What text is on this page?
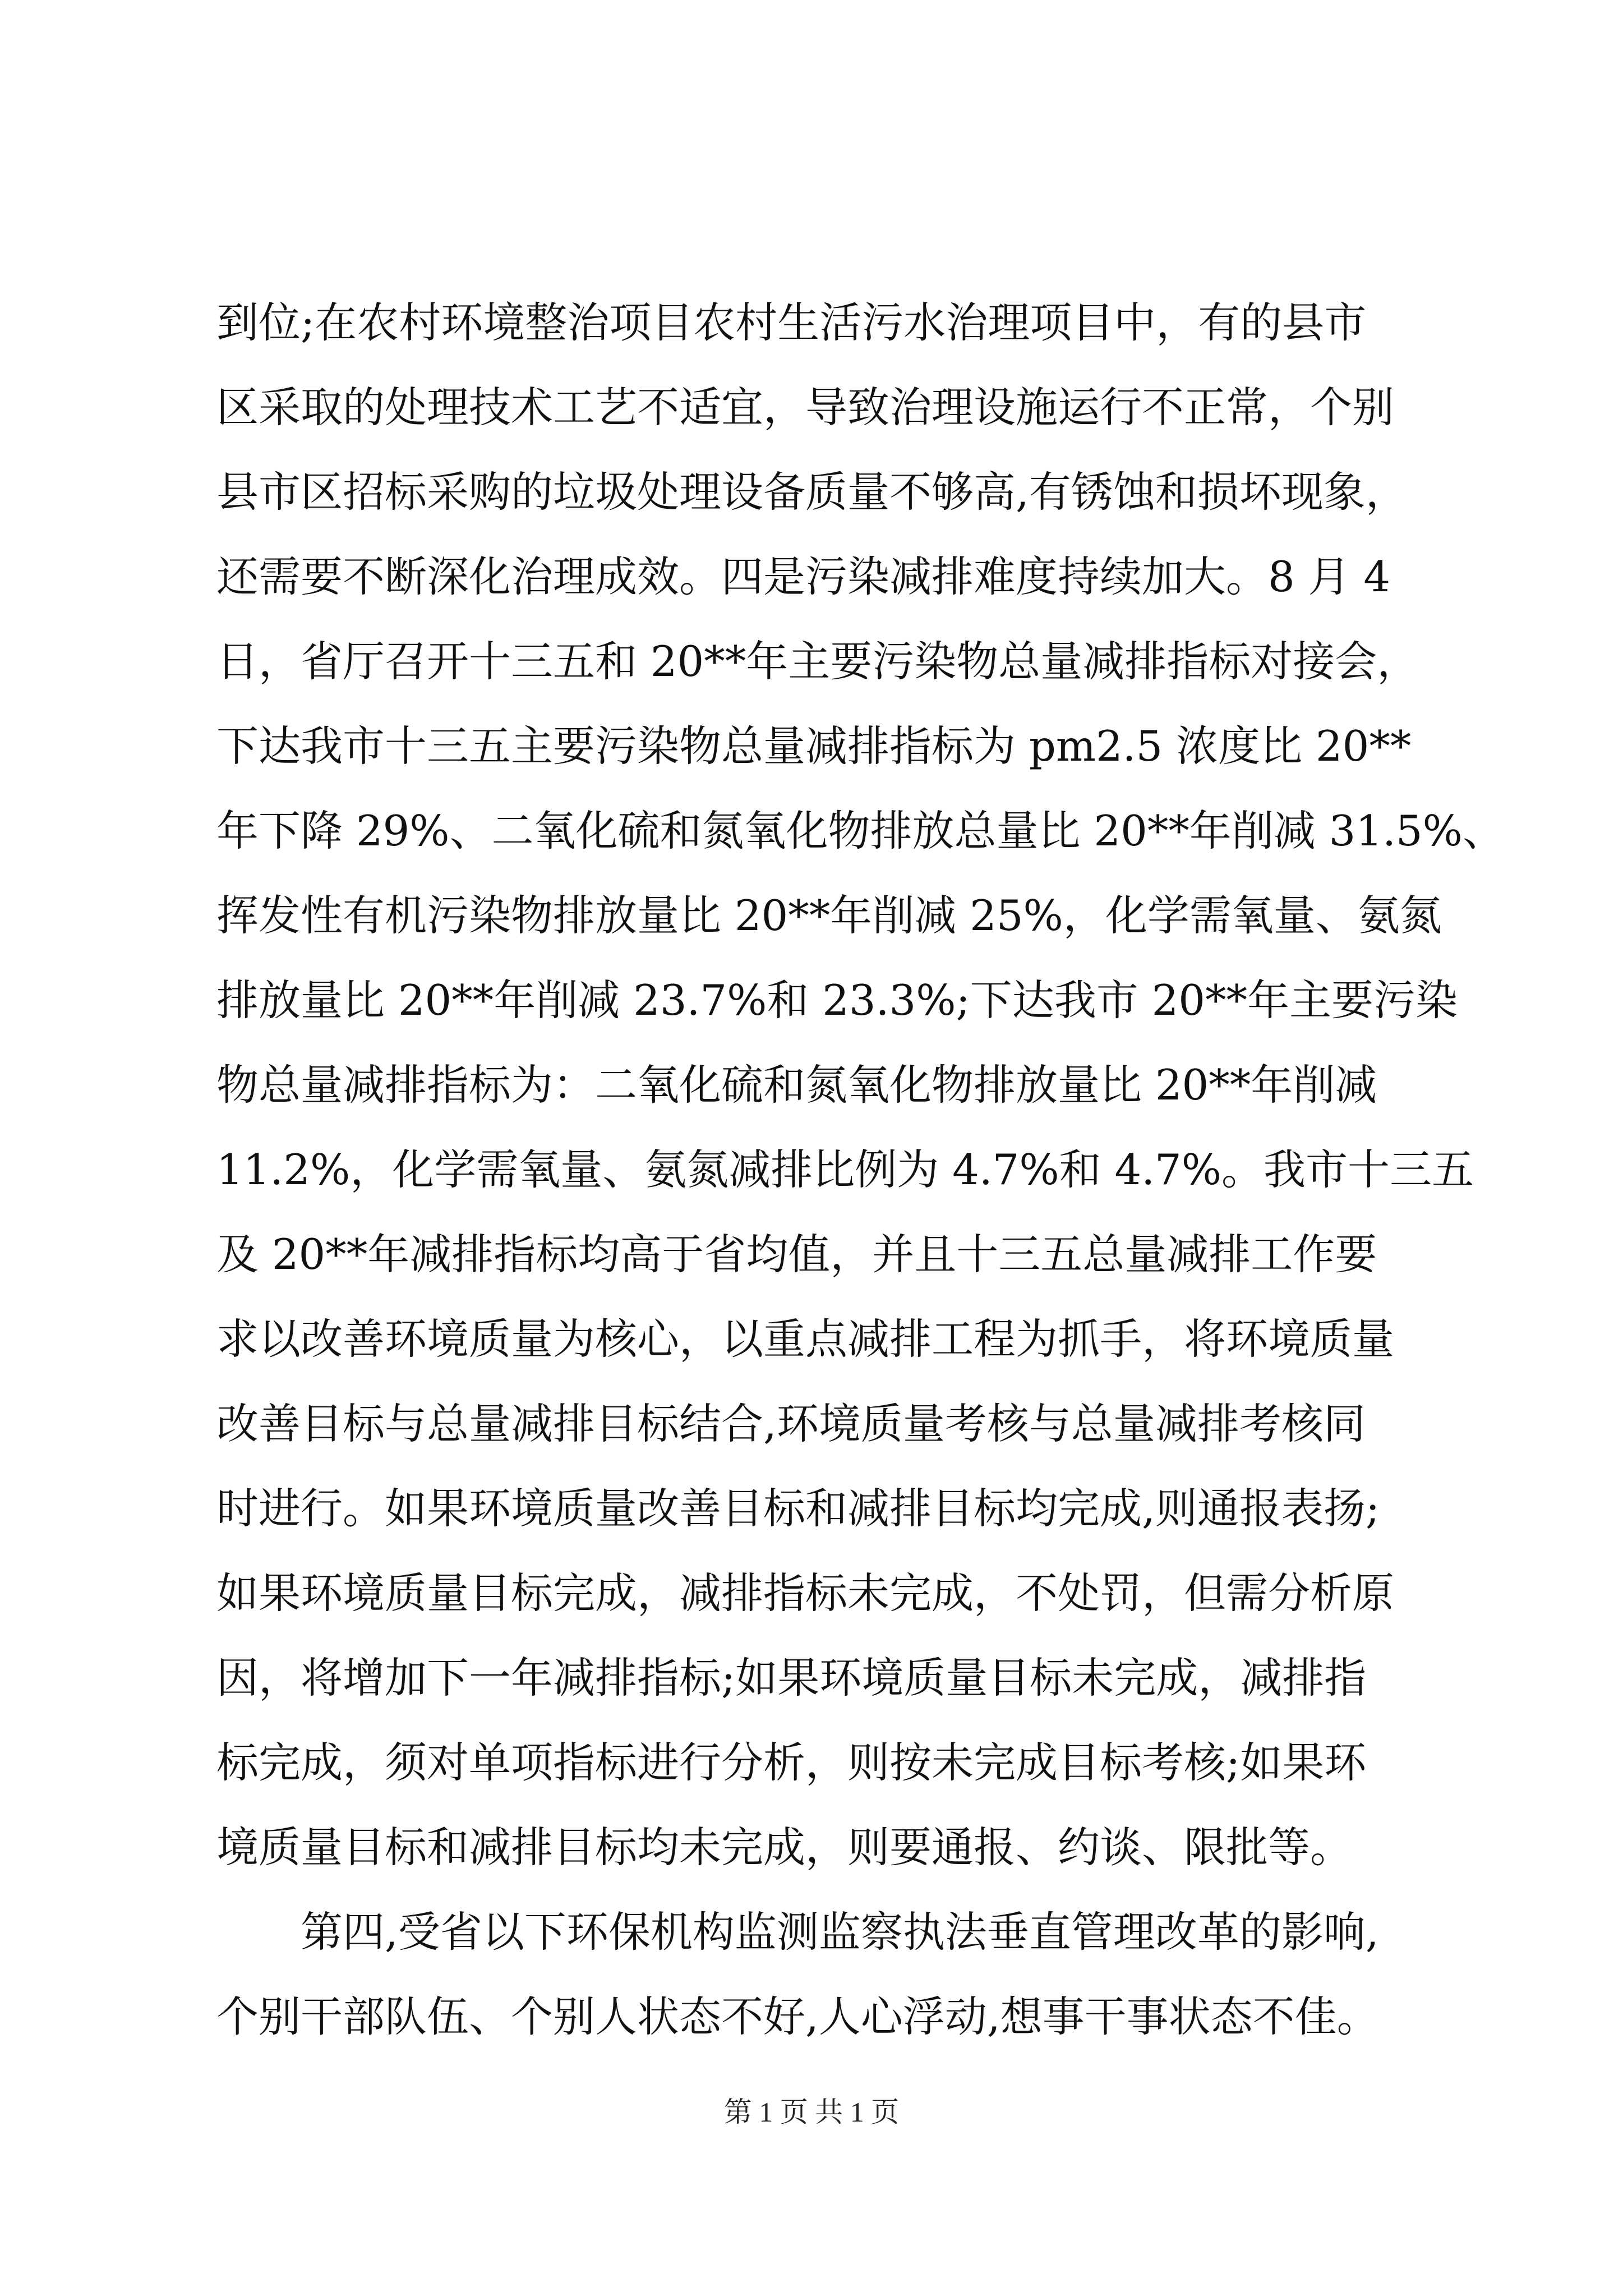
到位;在农村环境整治项目农村生活污水治理项目中，有的县市
区采取的处理技术工艺不适宜，导致治理设施运行不正常，个别
县市区招标采购的垃圾处理设备质量不够高,有锈蚀和损坏现象，
还需要不断深化治理成效。四是污染减排难度持续加大。8 月 4
日，省厅召开十三五和 20**年主要污染物总量减排指标对接会，
下达我市十三五主要污染物总量减排指标为 pm2.5 浓度比 20**
年下降 29%、二氧化硫和氮氧化物排放总量比 20**年削减 31.5%、
挥发性有机污染物排放量比 20**年削减 25%，化学需氧量、氨氮
排放量比 20**年削减 23.7%和 23.3%;下达我市 20**年主要污染
物总量减排指标为：二氧化硫和氮氧化物排放量比 20**年削减
11.2%，化学需氧量、氨氮减排比例为 4.7%和 4.7%。我市十三五
及 20**年减排指标均高于省均值，并且十三五总量减排工作要
求以改善环境质量为核心，以重点减排工程为抓手，将环境质量
改善目标与总量减排目标结合,环境质量考核与总量减排考核同
时进行。如果环境质量改善目标和减排目标均完成,则通报表扬;
如果环境质量目标完成，减排指标未完成，不处罚，但需分析原
因，将增加下一年减排指标;如果环境质量目标未完成，减排指
标完成，须对单项指标进行分析，则按未完成目标考核;如果环
境质量目标和减排目标均未完成，则要通报、约谈、限批等。
　　第四,受省以下环保机构监测监察执法垂直管理改革的影响,
个别干部队伍、个别人状态不好,人心浮动,想事干事状态不佳。
第 1 页 共 1 页
